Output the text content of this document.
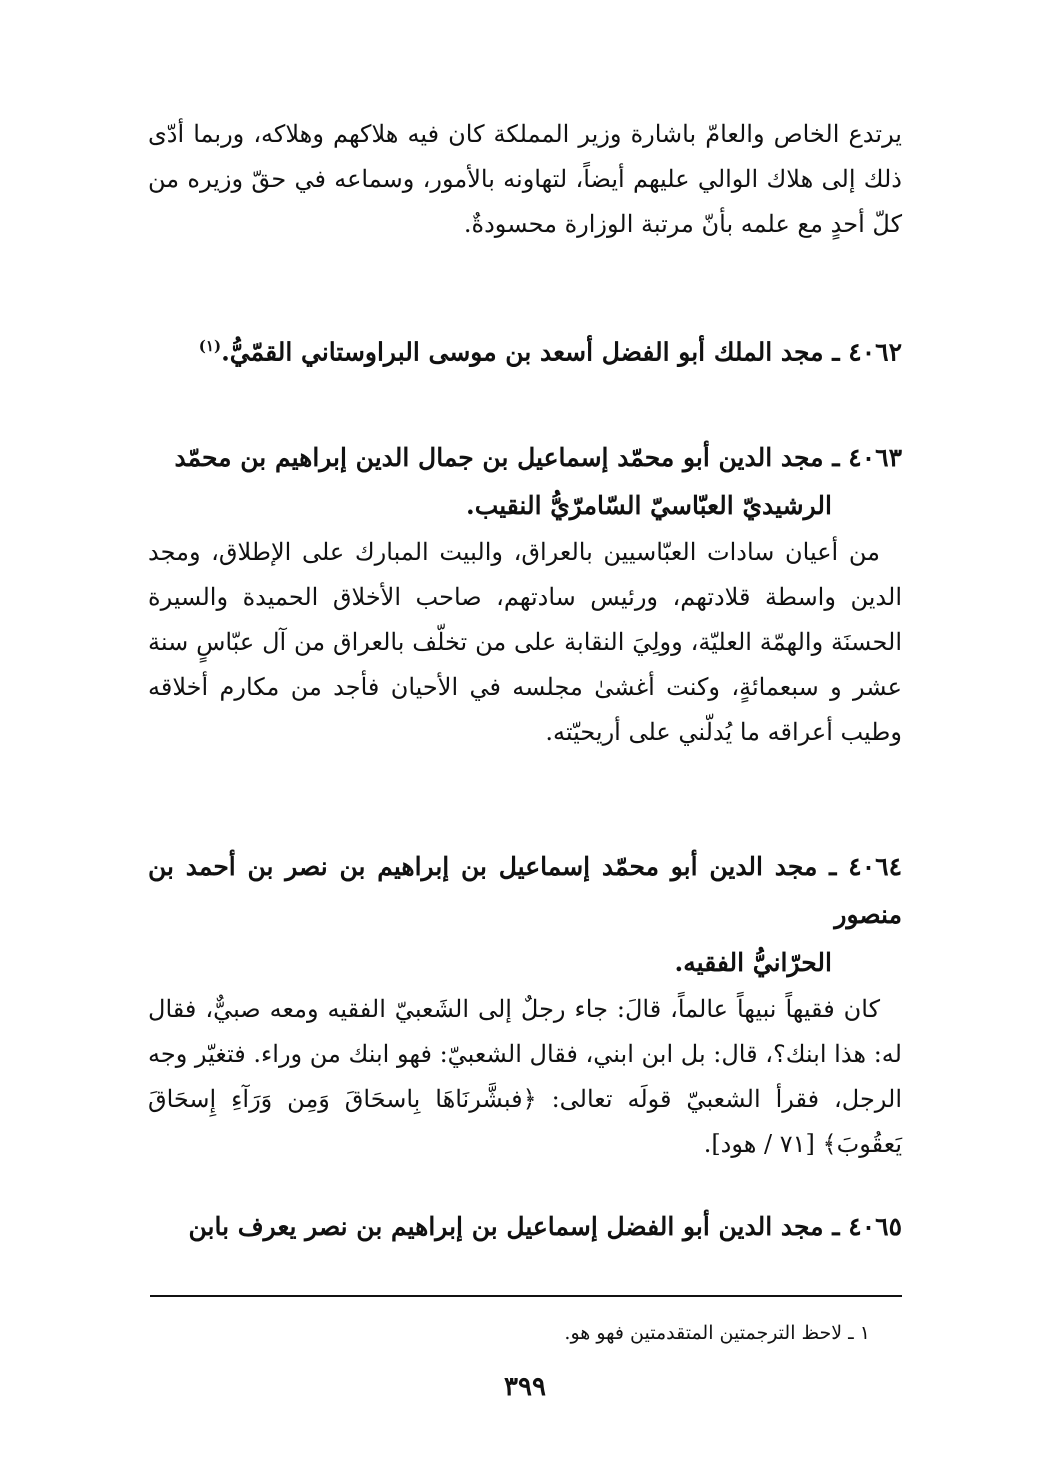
يرتدع الخاص والعامّ باشارة وزير المملكة كان فيه هلاكهم وهلاكه، وربما أدّى ذلك إلى هلاك الوالي عليهم أيضاً، لتهاونه بالأمور، وسماعه في حقّ وزيره من كلّ أحدٍ مع علمه بأنّ مرتبة الوزارة محسودةٌ.

٤٠٦٢ ـ مجد الملك أبو الفضل أسعد بن موسى البراوستاني القمّيُّ.$^{(١)}$

٤٠٦٣ ـ مجد الدين أبو محمّد إسماعيل بن جمال الدين إبراهيم بن محمّد
الرشيديّ العبّاسيّ السّامرّيُّ النقيب.

من أعيان سادات العبّاسيين بالعراق، والبيت المبارك على الإطلاق، ومجد الدين واسطة قلادتهم، ورئيس سادتهم، صاحب الأخلاق الحميدة والسيرة الحسنَة والهمّة العليّة، وولِيَ النقابة على من تخلّف بالعراق من آل عبّاسٍ سنة عشر و سبعمائةٍ، وكنت أغشىٰ مجلسه في الأحيان فأجد من مكارم أخلاقه وطيب أعراقه ما يُدلّني على أريحيّته.

٤٠٦٤ ـ مجد الدين أبو محمّد إسماعيل بن إبراهيم بن نصر بن أحمد بن منصور
الحرّانيُّ الفقيه.

كان فقيهاً نبيهاً عالماً، قالَ: جاء رجلٌ إلى الشَعبيّ الفقيه ومعه صبيٌّ، فقال له: هذا ابنك؟، قال: بل ابن ابني، فقال الشعبيّ: فهو ابنك من وراء. فتغيّر وجه الرجل، فقرأ الشعبيّ قولَه تعالى: ﴿فبشَّرنَاهَا بِاسحَاقَ وَمِن وَرَآءِ إِسحَاقَ يَعقُوبَ﴾ [٧١ / هود].

٤٠٦٥ ـ مجد الدين أبو الفضل إسماعيل بن إبراهيم بن نصر يعرف بابن

١ ـ لاحظ الترجمتين المتقدمتين فهو هو.
٣٩٩
